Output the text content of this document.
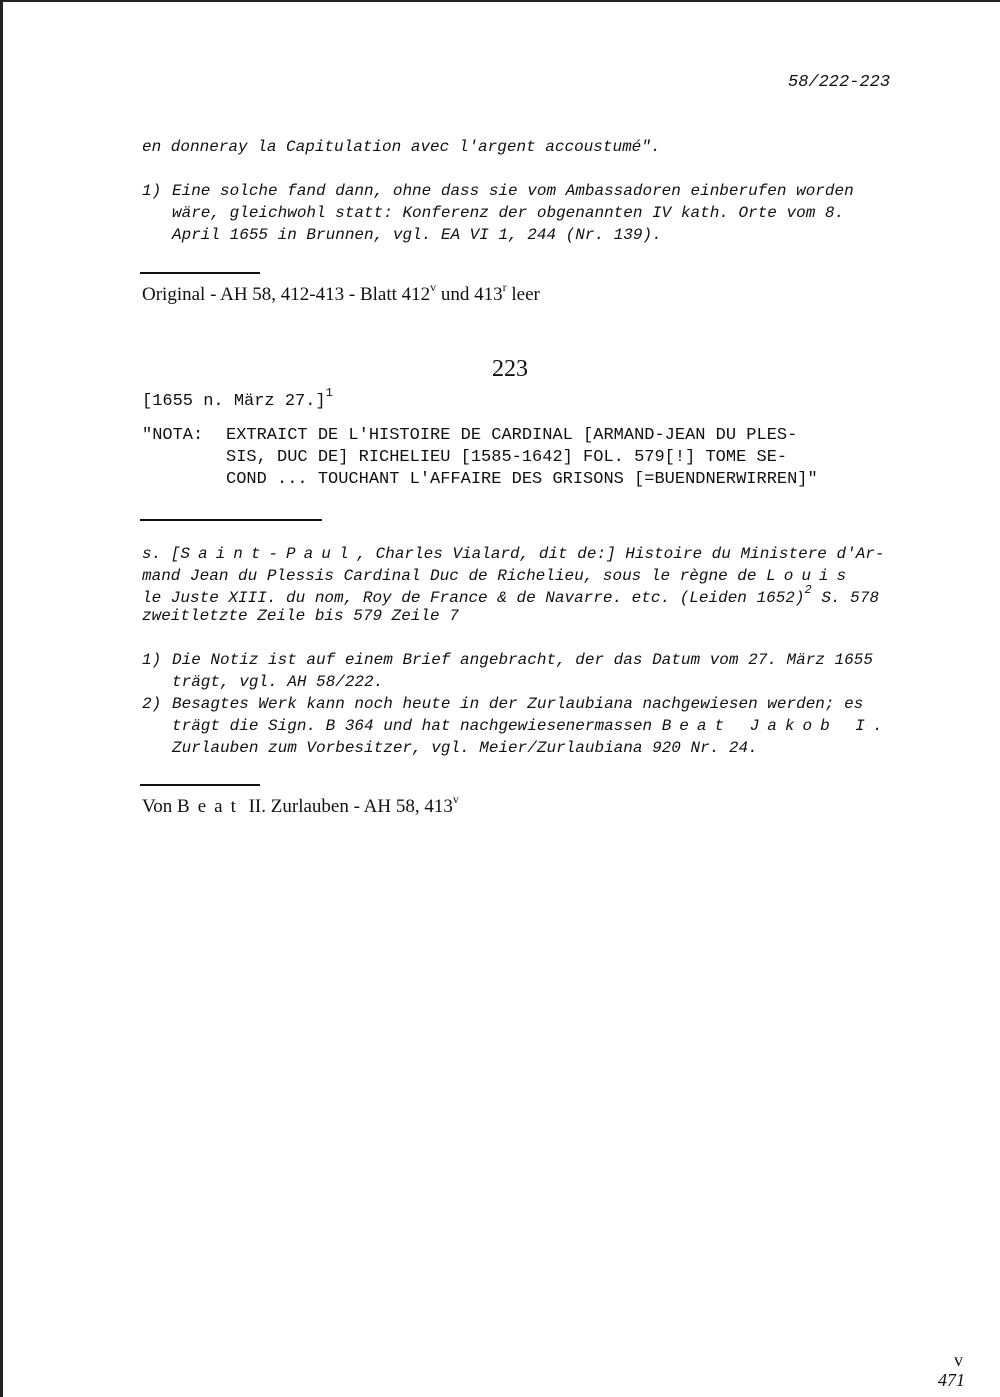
58/222-223
en donneray la Capitulation avec l'argent accoustumé".
1) Eine solche fand dann, ohne dass sie vom Ambassadoren einberufen worden
wäre, gleichwohl statt: Konferenz der obgenannten IV kath. Orte vom 8.
April 1655 in Brunnen, vgl. EA VI 1, 244 (Nr. 139).
Original - AH 58, 412-413 - Blatt 412$^v$ und 413$^r$ leer
223
[1655 n. März 27.]$^1$
"NOTA: EXTRAICT DE L'HISTOIRE DE CARDINAL [ARMAND-JEAN DU PLES-
SIS, DUC DE] RICHELIEU [1585-1642] FOL. 579[!] TOME SE-
COND ... TOUCHANT L'AFFAIRE DES GRISONS [=BUENDNERWIRREN]"
s. [Saint-Paul, Charles Vialard, dit de:] Histoire du Ministere d'Ar-
mand Jean du Plessis Cardinal Duc de Richelieu, sous le règne de Louis
le Juste XIII. du nom, Roy de France & de Navarre. etc. (Leiden 1652)$^2$ S. 578
zweitletzte Zeile bis 579 Zeile 7
1) Die Notiz ist auf einem Brief angebracht, der das Datum vom 27. März 1655
trägt, vgl. AH 58/222.
2) Besagtes Werk kann noch heute in der Zurlaubiana nachgewiesen werden; es
trägt die Sign. B 364 und hat nachgewiesenermassen Beat Jakob I.
Zurlauben zum Vorbesitzer, vgl. Meier/Zurlaubiana 920 Nr. 24.
Von Beat II. Zurlauben - AH 58, 413$^v$
v
471
